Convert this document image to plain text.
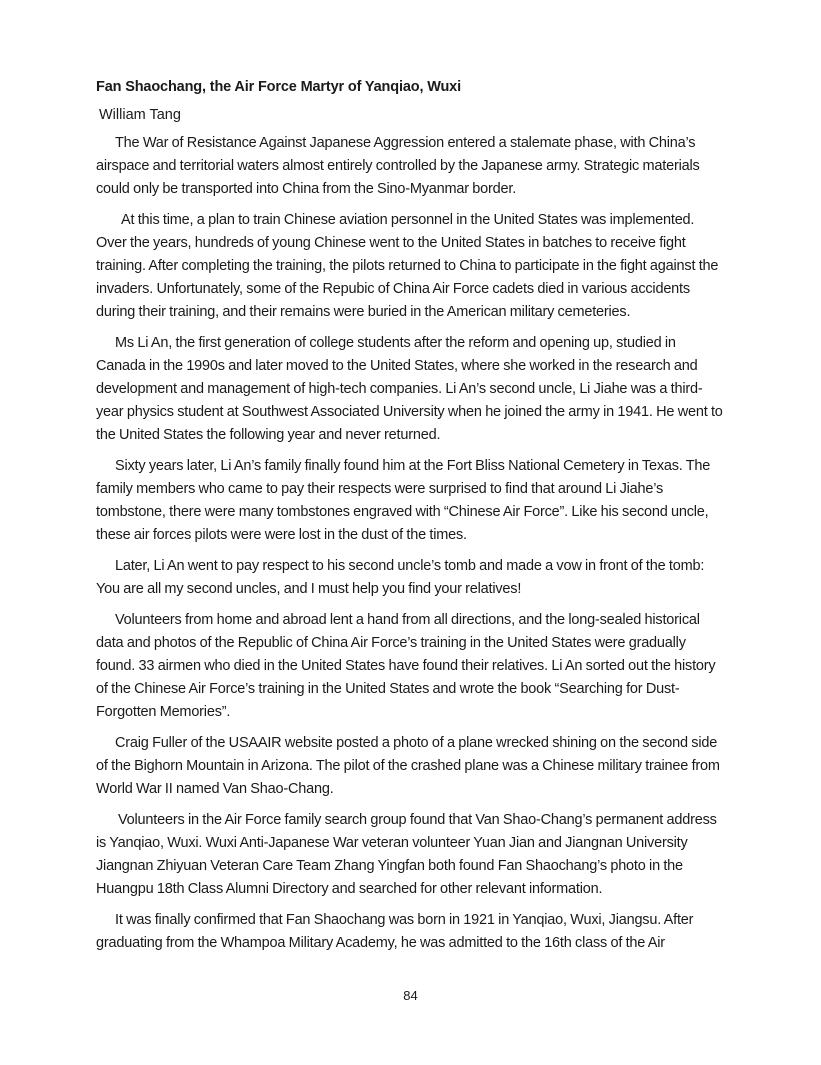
Fan Shaochang, the Air Force Martyr of Yanqiao, Wuxi

William Tang

The War of Resistance Against Japanese Aggression entered a stalemate phase, with China’s airspace and territorial waters almost entirely controlled by the Japanese army. Strategic materials could only be transported into China from the Sino-Myanmar border.

At this time, a plan to train Chinese aviation personnel in the United States was implemented. Over the years, hundreds of young Chinese went to the United States in batches to receive fight training. After completing the training, the pilots returned to China to participate in the fight against the invaders. Unfortunately, some of the Repubic of China Air Force cadets died in various accidents during their training, and their remains were buried in the American military cemeteries.

Ms Li An, the first generation of college students after the reform and opening up, studied in Canada in the 1990s and later moved to the United States, where she worked in the research and development and management of high-tech companies. Li An’s second uncle, Li Jiahe was a third-year physics student at Southwest Associated University when he joined the army in 1941. He went to the United States the following year and never returned.

Sixty years later, Li An’s family finally found him at the Fort Bliss National Cemetery in Texas. The family members who came to pay their respects were surprised to find that around Li Jiahe’s tombstone, there were many tombstones engraved with “Chinese Air Force”. Like his second uncle, these air forces pilots were were lost in the dust of the times.

Later, Li An went to pay respect to his second uncle’s tomb and made a vow in front of the tomb: You are all my second uncles, and I must help you find your relatives!

Volunteers from home and abroad lent a hand from all directions, and the long-sealed historical data and photos of the Republic of China Air Force’s training in the United States were gradually found. 33 airmen who died in the United States have found their relatives. Li An sorted out the history of the Chinese Air Force’s training in the United States and wrote the book “Searching for Dust-Forgotten Memories”.

Craig Fuller of the USAAIR website posted a photo of a plane wrecked shining on the second side of the Bighorn Mountain in Arizona. The pilot of the crashed plane was a Chinese military trainee from World War II named Van Shao-Chang.

Volunteers in the Air Force family search group found that Van Shao-Chang’s permanent address is Yanqiao, Wuxi. Wuxi Anti-Japanese War veteran volunteer Yuan Jian and Jiangnan University Jiangnan Zhiyuan Veteran Care Team Zhang Yingfan both found Fan Shaochang’s photo in the Huangpu 18th Class Alumni Directory and searched for other relevant information.

It was finally confirmed that Fan Shaochang was born in 1921 in Yanqiao, Wuxi, Jiangsu. After graduating from the Whampoa Military Academy, he was admitted to the 16th class of the Air

84
